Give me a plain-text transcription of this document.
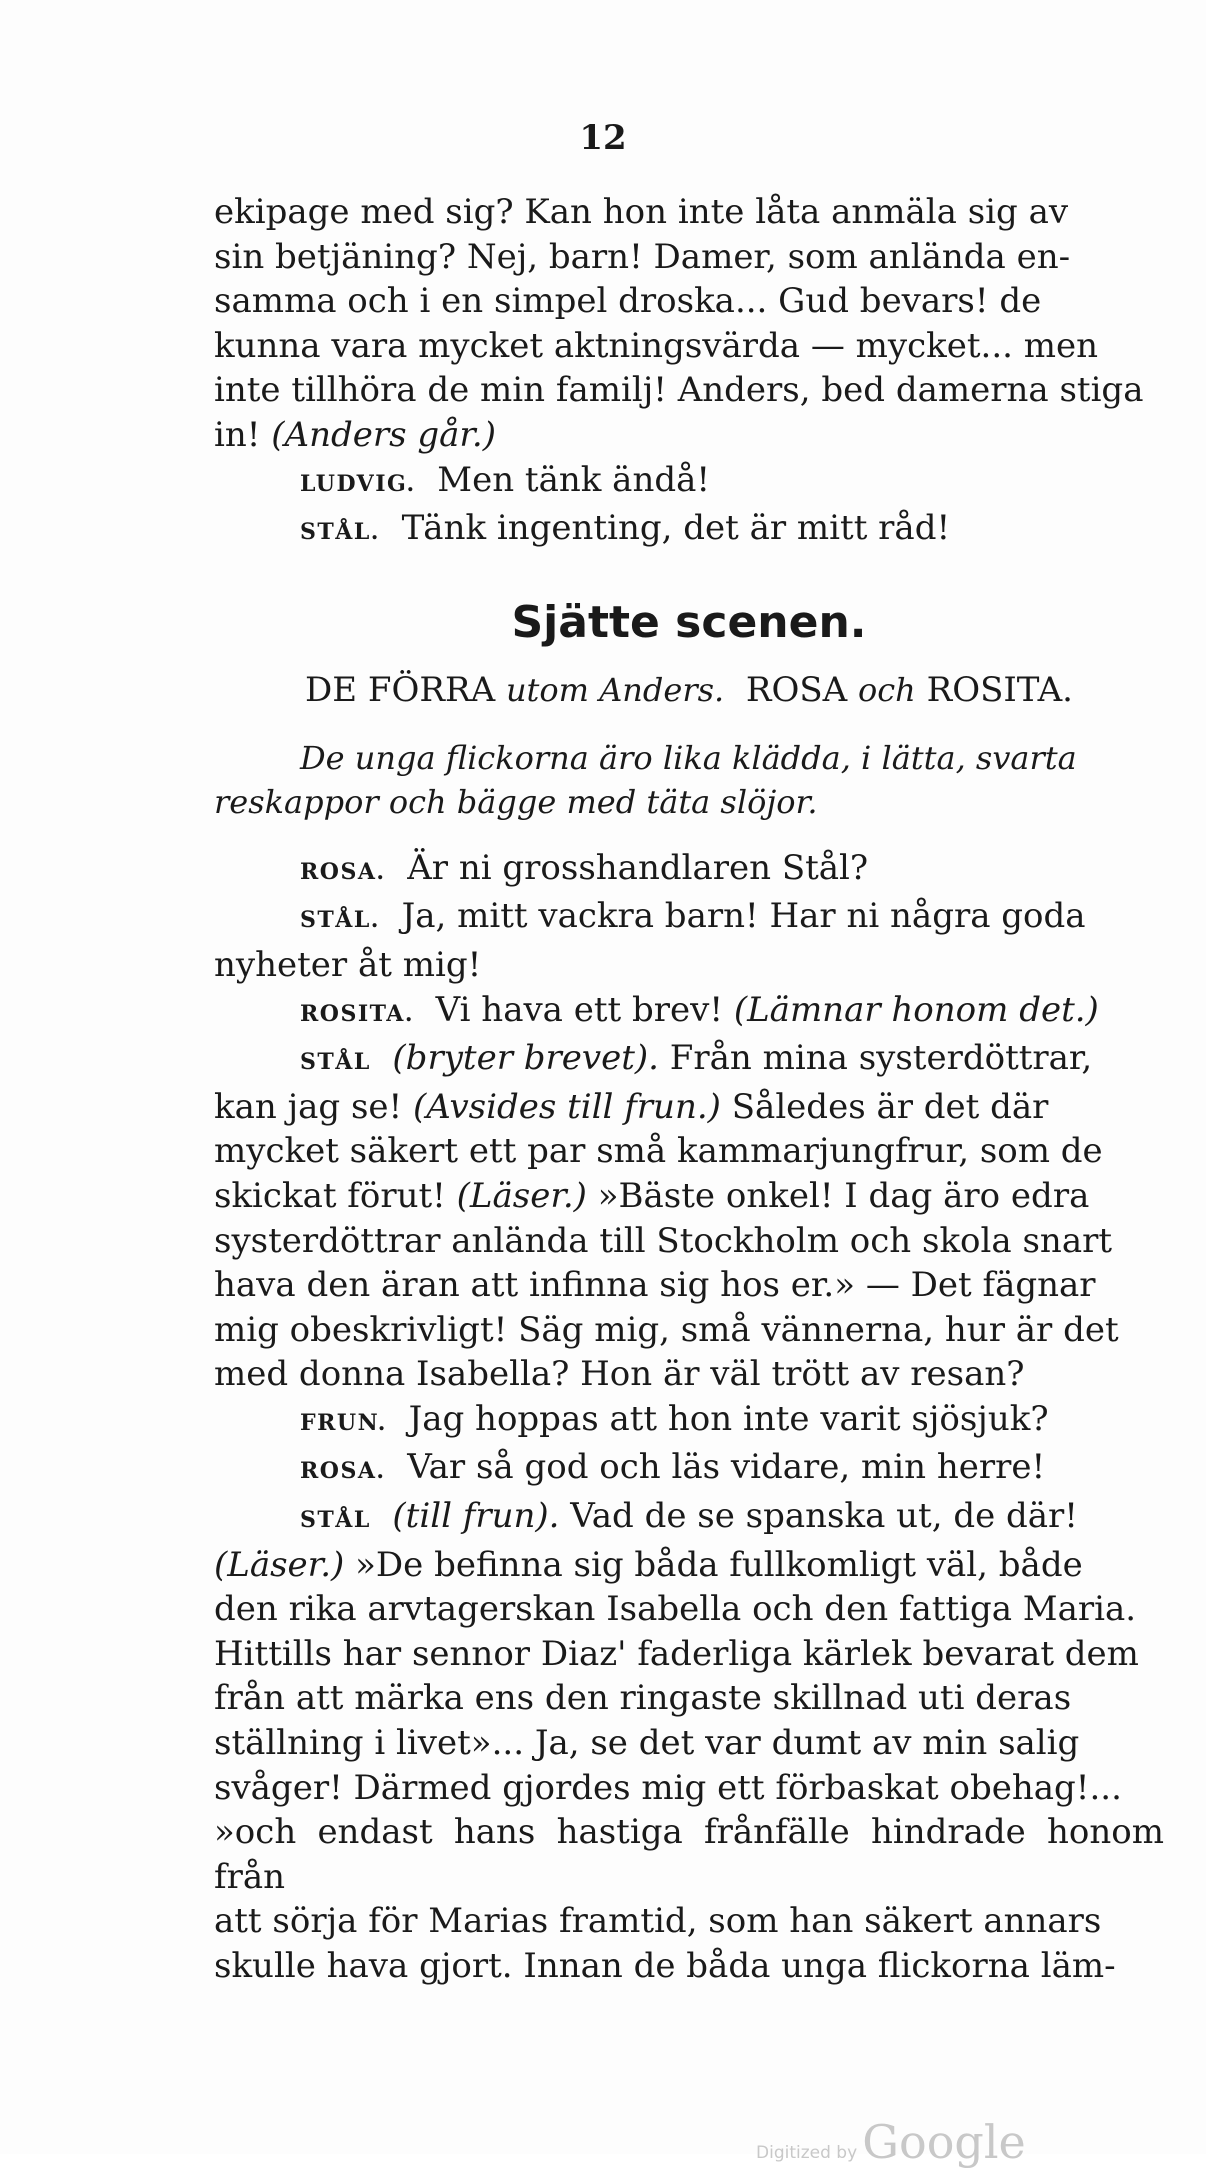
12

ekipage med sig? Kan hon inte låta anmäla sig av
sin betjäning? Nej, barn! Damer, som anlända en-
samma och i en simpel droska... Gud bevars! de
kunna vara mycket aktningsvärda — mycket... men
inte tillhöra de min familj! Anders, bed damerna stiga
in! (Anders går.)

LUDVIG. Men tänk ändå!

STÅL. Tänk ingenting, det är mitt råd!

Sjätte scenen.
DE FÖRRA utom Anders. ROSA och ROSITA.

De unga flickorna äro lika klädda, i lätta, svarta
reskappor och bägge med täta slöjor.

ROSA. Är ni grosshandlaren Stål?

STÅL. Ja, mitt vackra barn! Har ni några goda

nyheter åt mig!

ROSITA. Vi hava ett brev! (Lämnar honom det.)

STÅL (bryter brevet). Från mina systerdöttrar,
kan jag se! (Avsides till frun.) Således är det där
mycket säkert ett par små kammarjungfrur, som de
skickat förut! (Läser.) »Bäste onkel! I dag äro edra
systerdöttrar anlända till Stockholm och skola snart
hava den äran att infinna sig hos er.» — Det fägnar
mig obeskrivligt! Säg mig, små vännerna, hur är det
med donna Isabella? Hon är väl trött av resan?

FRUN. Jag hoppas att hon inte varit sjösjuk?

ROSA. Var så god och läs vidare, min herre!

STÅL (till frun). Vad de se spanska ut, de där!
(Läser.) »De befinna sig båda fullkomligt väl, både
den rika arvtagerskan Isabella och den fattiga Maria.
Hittills har sennor Diaz' faderliga kärlek bevarat dem
från att märka ens den ringaste skillnad uti deras
ställning i livet»... Ja, se det var dumt av min salig
svåger! Därmed gjordes mig ett förbaskat obehag!...
»och endast hans hastiga frånfälle hindrade honom från
att sörja för Marias framtid, som han säkert annars
skulle hava gjort. Innan de båda unga flickorna läm-

Digitized by Google
